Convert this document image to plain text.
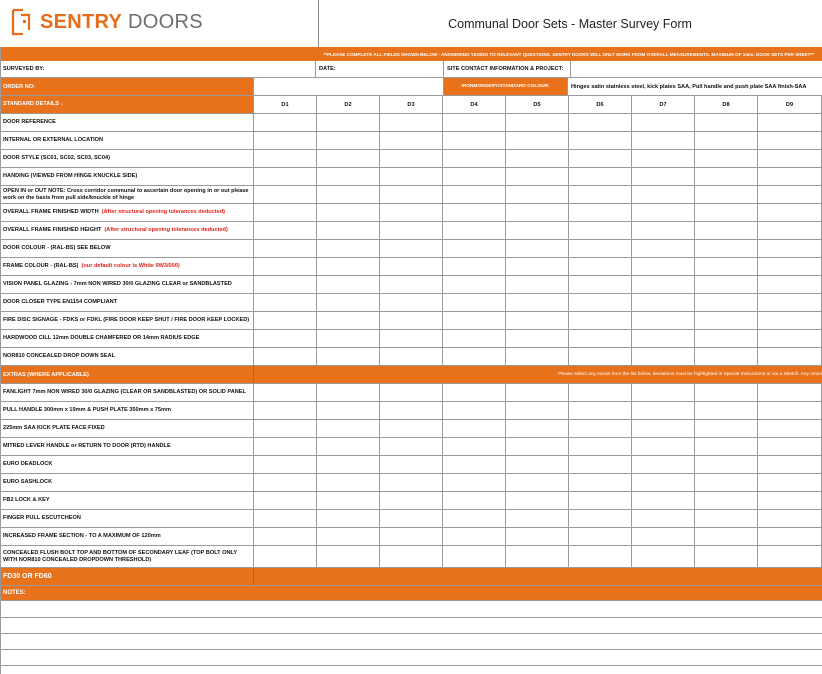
SENTRY DOORS	Communal Door Sets - Master Survey Form
**PLEASE COMPLETE ALL FIELDS SHOWN BELOW - ANSWERING YES/NO TO RELEVANT QUESTIONS. SENTRY DOORS WILL ONLY WORK FROM OVERALL MEASUREMENTS. MAXIMUM OF 14no. DOOR SETS PER SHEET**
SURVEYED BY:	DATE:	SITE CONTACT INFORMATION & PROJECT:
ORDER NO:	IRONMONGERY/STANDARD COLOUR:	Hinges satin stainless steel, kick plates SAA, Pull handle and push plate SAA finish-SAA
STANDARD DETAILS ↓	D1	D2	D3	D4	D5	D6	D7	D8	D9
DOOR REFERENCE
INTERNAL OR EXTERNAL LOCATION
DOOR STYLE (SC01, SC02, SC03, SC04)
HANDING (VIEWED FROM HINGE KNUCKLE SIDE)
OPEN IN or OUT NOTE: Cross corridor communal to ascertain door opening in or out please work on the basis from pull side/knuckle of hinge
OVERALL FRAME FINISHED WIDTH (After structural opening tolerances deducted)
OVERALL FRAME FINISHED HEIGHT (After structural opening tolerances deducted)
DOOR COLOUR - (RAL-BS) SEE BELOW
FRAME COLOUR - (RAL-BS) (our default colour is White 9W3/000)
VISION PANEL GLAZING - 7mm NON WIRED 30/0 GLAZING CLEAR or SANDBLASTED
DOOR CLOSER TYPE EN1154 COMPLIANT
FIRE DISC SIGNAGE - FDKS or FDKL (FIRE DOOR KEEP SHUT / FIRE DOOR KEEP LOCKED)
HARDWOOD CILL 12mm DOUBLE CHAMFERED OR 14mm RADIUS EDGE
NOR810 CONCEALED DROP DOWN SEAL
EXTRAS (WHERE APPLICABLE)	Please select any extras from the list below, deviations must be highlighted in Special Instructions or via a Sketch. Any ommi
FANLIGHT 7mm NON WIRED 30/0 GLAZING (CLEAR OR SANDBLASTED) OR SOLID PANEL
PULL HANDLE 300mm x 19mm & PUSH PLATE 350mm x 75mm
225mm SAA KICK PLATE FACE FIXED
MITRED LEVER HANDLE or RETURN TO DOOR (RTD) HANDLE
EURO DEADLOCK
EURO SASHLOCK
FB2 LOCK & KEY
FINGER PULL ESCUTCHEON
INCREASED FRAME SECTION - TO A MAXIMUM OF 120mm
CONCEALED FLUSH BOLT TOP AND BOTTOM OF SECONDARY LEAF (TOP BOLT ONLY WITH NOR810 CONCEALED DROPDOWN THRESHOLD)
FD30 OR FD60
NOTES:
